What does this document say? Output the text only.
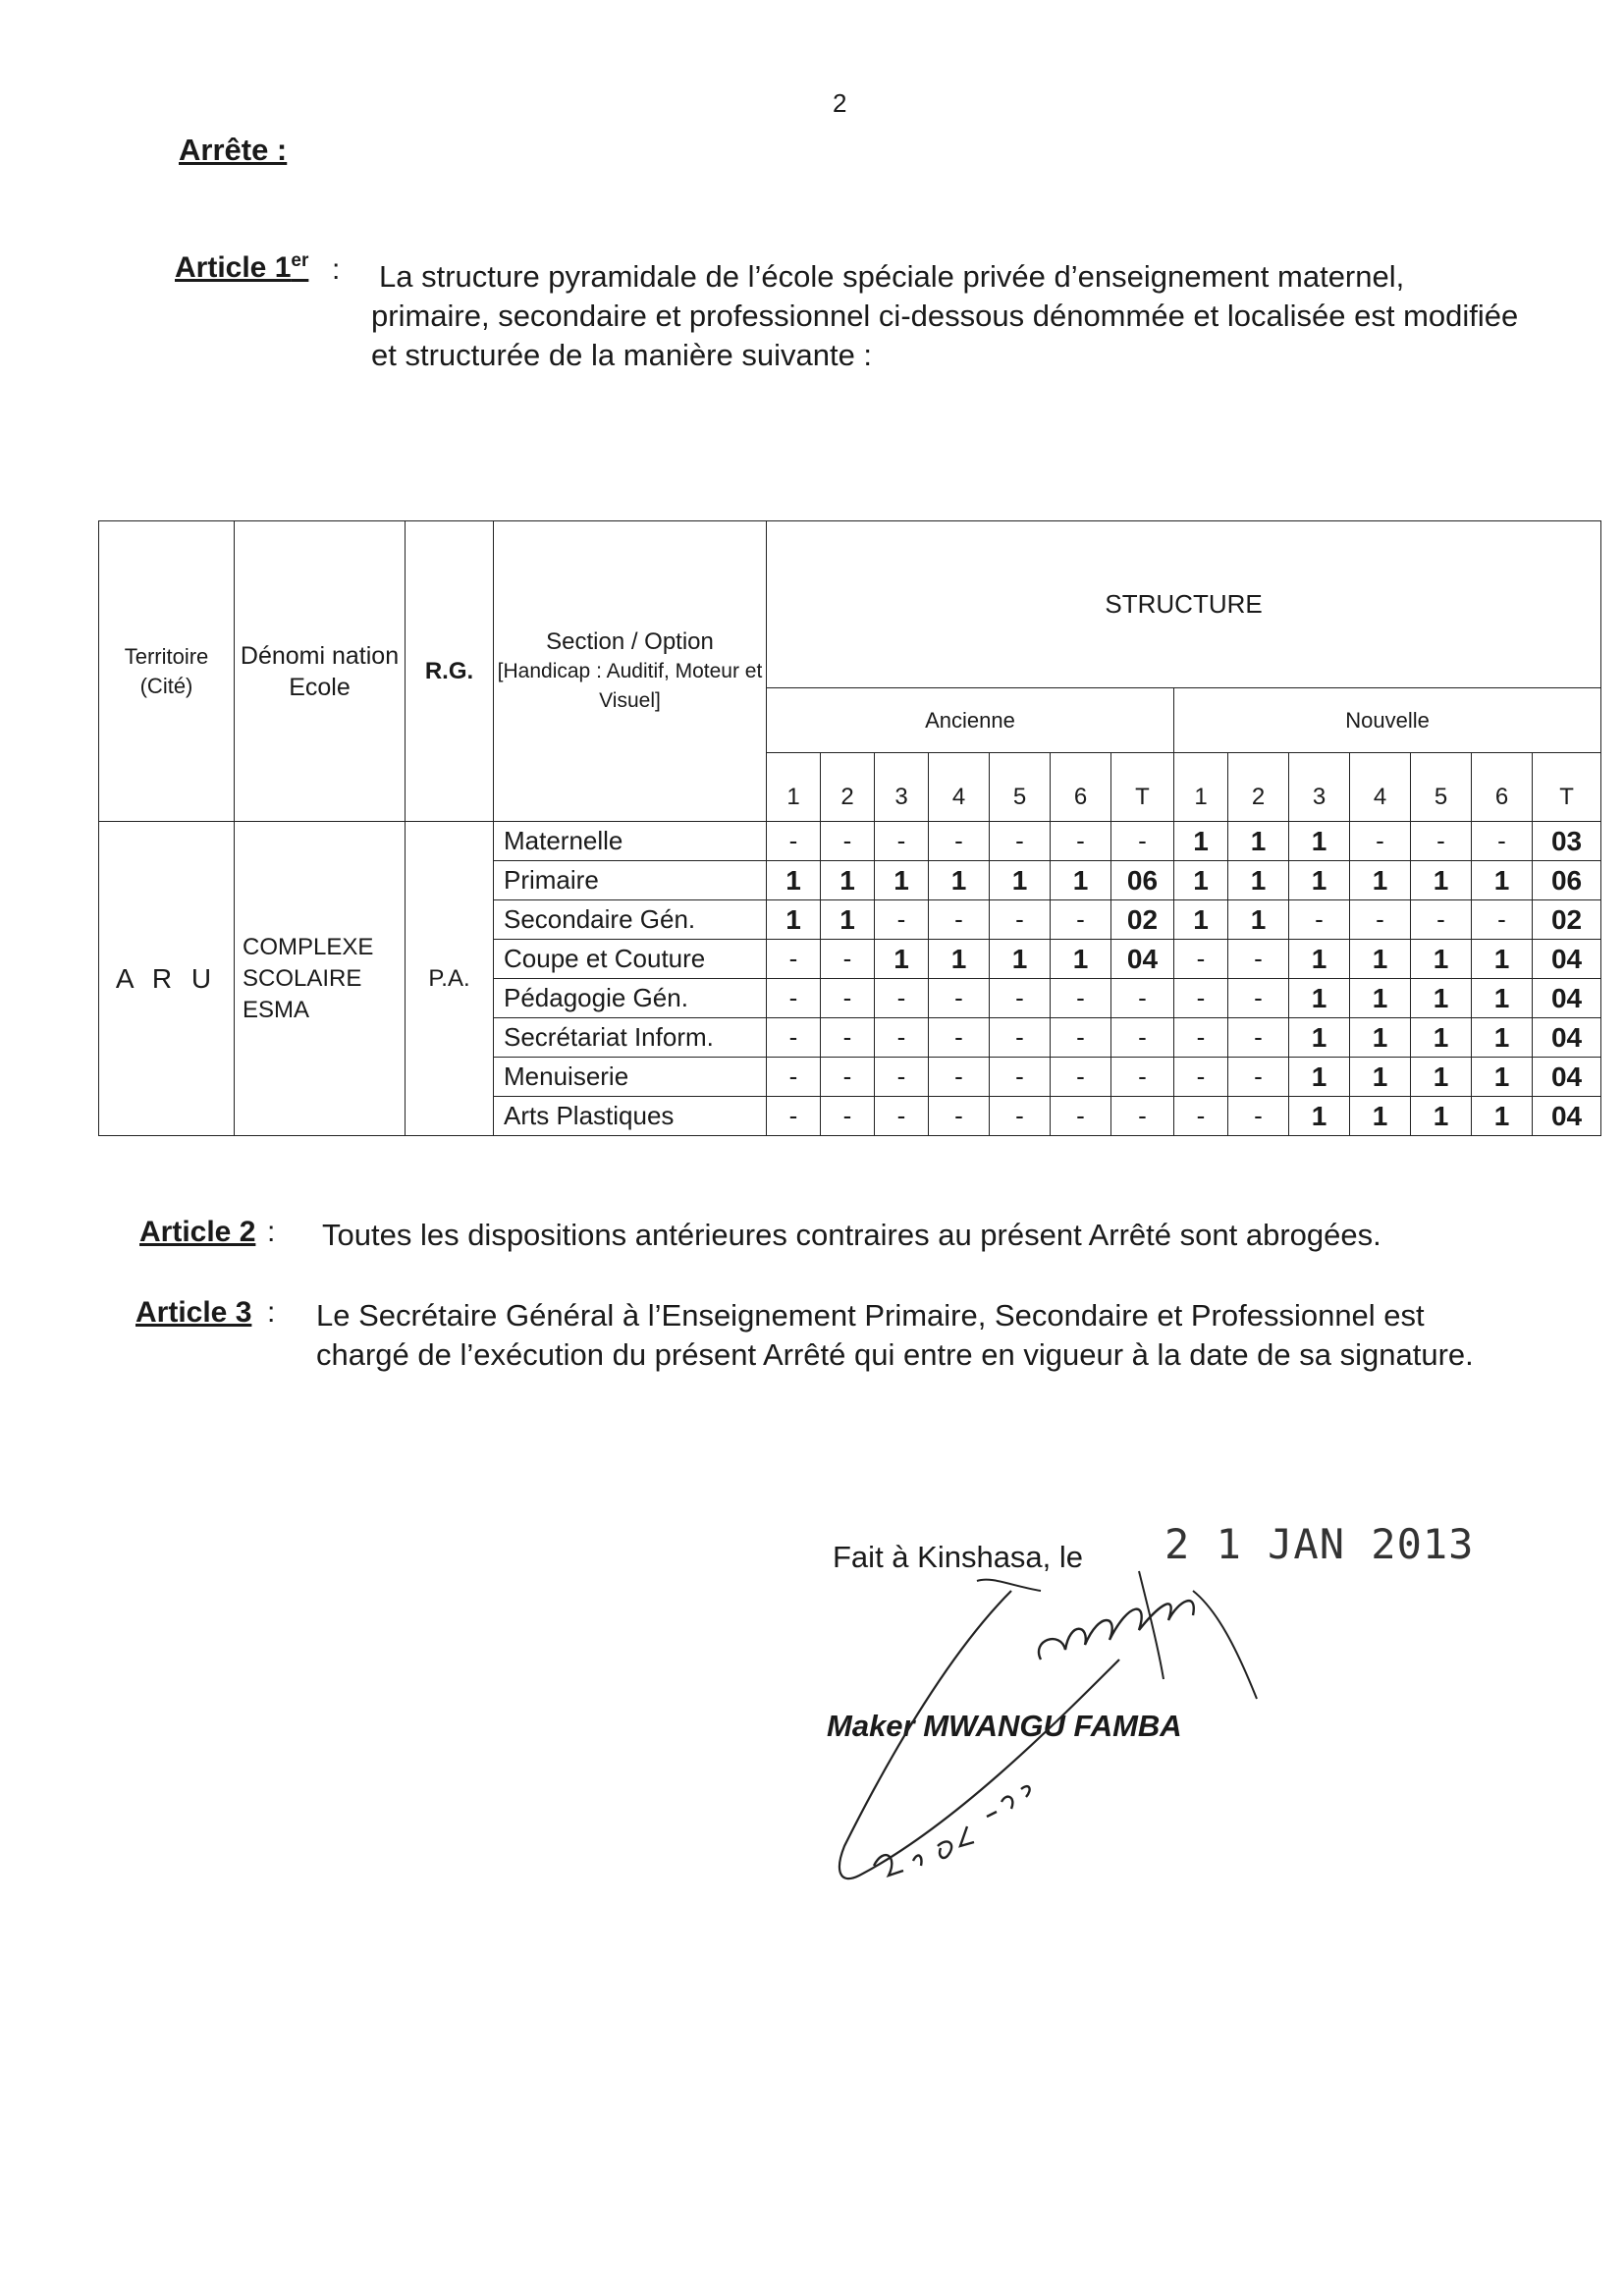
2
Arrête :
Article 1er : La structure pyramidale de l’école spéciale privée d’enseignement maternel, primaire, secondaire et professionnel ci-dessous dénommée et localisée est modifiée et structurée de la manière suivante :
Territoire (Cité)	Dénomi nation Ecole	R.G.	Section / Option
[Handicap : Auditif, Moteur et Visuel]	STRUCTURE													
				Ancienne							Nouvelle						
				1	2	3	4	5	6	T	1	2	3	4	5	6	T
A R U	COMPLEXE SCOLAIRE ESMA	P.A.	Maternelle	-	-	-	-	-	-	-	1	1	1	-	-	-	03
			Primaire	1	1	1	1	1	1	06	1	1	1	1	1	1	06
			Secondaire Gén.	1	1	-	-	-	-	02	1	1	-	-	-	-	02
			Coupe et Couture	-	-	1	1	1	1	04	-	-	1	1	1	1	04
			Pédagogie Gén.	-	-	-	-	-	-	-	-	-	1	1	1	1	04
			Secrétariat Inform.	-	-	-	-	-	-	-	-	-	1	1	1	1	04
			Menuiserie	-	-	-	-	-	-	-	-	-	1	1	1	1	04
			Arts Plastiques	-	-	-	-	-	-	-	-	-	1	1	1	1	04
Article 2 : Toutes les dispositions antérieures contraires au présent Arrêté sont abrogées.
Article 3 : Le Secrétaire Général à l’Enseignement Primaire, Secondaire et Professionnel est chargé de l’exécution du présent Arrêté qui entre en vigueur à la date de sa signature.
Fait à Kinshasa, le 2 1 JAN 2013
Maker MWANGU FAMBA
